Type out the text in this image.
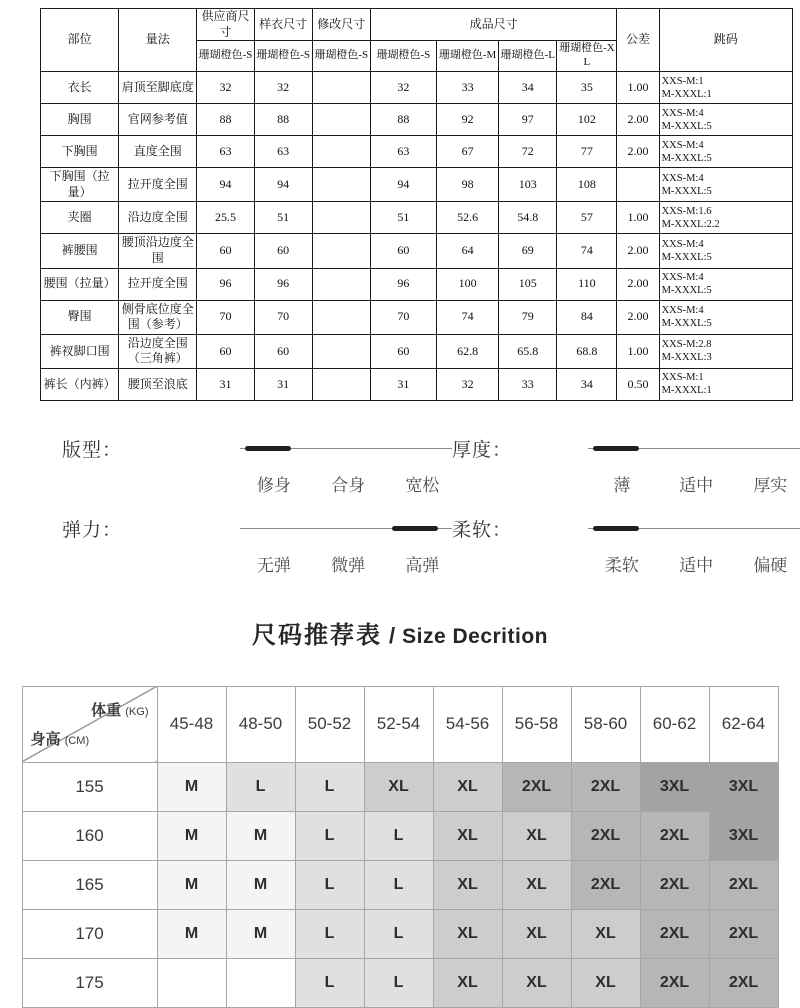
部位	量法	供应商尺寸	样衣尺寸	修改尺寸	成品尺寸				公差	跳码
		珊瑚橙色-S	珊瑚橙色-S	珊瑚橙色-S	珊瑚橙色-S	珊瑚橙色-M	珊瑚橙色-L	珊瑚橙色-XL		
衣长	肩顶至脚底度	32	32		32	33	34	35	1.00	XXS-M:1
M-XXXL:1

胸围	官网参考值	88	88		88	92	97	102	2.00	XXS-M:4
M-XXXL:5

下胸围	直度全围	63	63		63	67	72	77	2.00	XXS-M:4
M-XXXL:5

下胸围（拉量）	拉开度全围	94	94		94	98	103	108		XXS-M:4
M-XXXL:5

夹圈	沿边度全围	25.5	51		51	52.6	54.8	57	1.00	XXS-M:1.6
M-XXXL:2.2

裤腰围	腰顶沿边度全围	60	60		60	64	69	74	2.00	XXS-M:4
M-XXXL:5

腰围（拉量）	拉开度全围	96	96		96	100	105	110	2.00	XXS-M:4
M-XXXL:5

臀围	侧骨底位度全围（参考）	70	70		70	74	79	84	2.00	XXS-M:4
M-XXXL:5

裤衩脚口围	沿边度全围（三角裤）	60	60		60	62.8	65.8	68.8	1.00	XXS-M:2.8
M-XXXL:3

裤长（内裤）	腰顶至浪底	31	31		31	32	33	34	0.50	XXS-M:1
M-XXXL:1
版型：
修身 合身 宽松
厚度：
薄	适中 厚实
弹力：
无弹 微弹 高弹
柔软：
柔软 适中 偏硬
尺码推荐表 / Size Decrition
体重 (KG)
身高 (CM)	45-48	48-50	50-52	52-54	54-56	56-58	58-60	60-62	62-64
155	M	L	L	XL	XL	2XL	2XL	3XL	3XL
160	M	M	L	L	XL	XL	2XL	2XL	3XL
165	M	M	L	L	XL	XL	2XL	2XL	2XL
170	M	M	L	L	XL	XL	XL	2XL	2XL
175			L	L	XL	XL	XL	2XL	2XL
